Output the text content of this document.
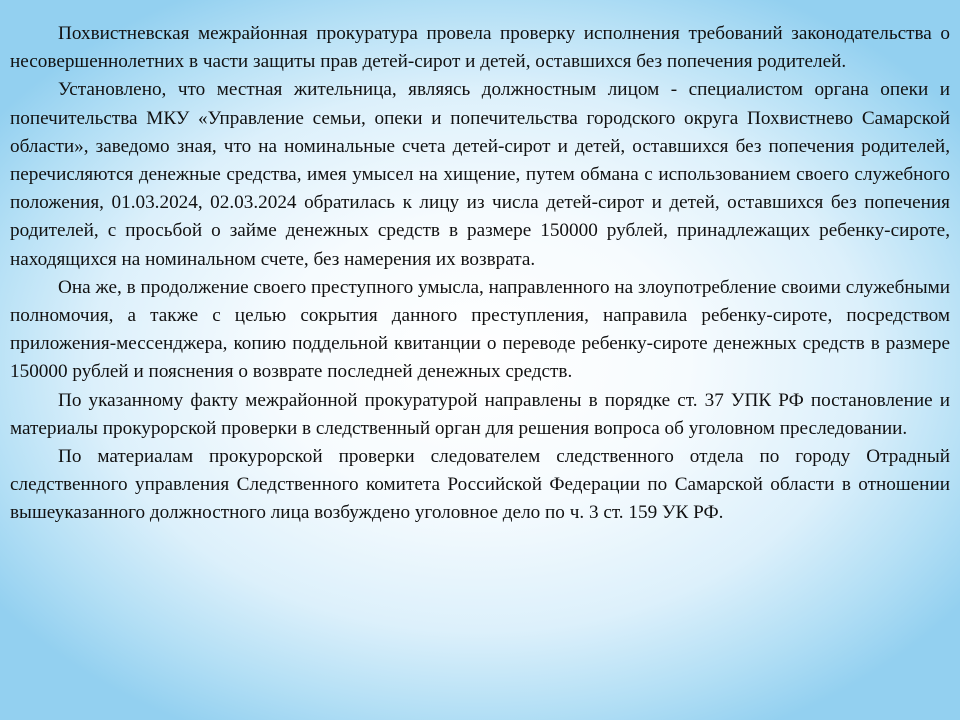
Похвистневская межрайонная прокуратура провела проверку исполнения требований законодательства о несовершеннолетних в части защиты прав детей-сирот и детей, оставшихся без попечения родителей.

Установлено, что местная жительница, являясь должностным лицом - специалистом органа опеки и попечительства МКУ «Управление семьи, опеки и попечительства городского округа Похвистнево Самарской области», заведомо зная, что на номинальные счета детей-сирот и детей, оставшихся без попечения родителей, перечисляются денежные средства, имея умысел на хищение, путем обмана с использованием своего служебного положения, 01.03.2024, 02.03.2024 обратилась к лицу из числа детей-сирот и детей, оставшихся без попечения родителей, с просьбой о займе денежных средств в размере 150000 рублей, принадлежащих ребенку-сироте, находящихся на номинальном счете, без намерения их возврата.

Она же, в продолжение своего преступного умысла, направленного на злоупотребление своими служебными полномочия, а также с целью сокрытия данного преступления, направила ребенку-сироте, посредством приложения-мессенджера, копию поддельной квитанции о переводе ребенку-сироте денежных средств в размере 150000 рублей и пояснения о возврате последней денежных средств.

По указанному факту межрайонной прокуратурой направлены в порядке ст. 37 УПК РФ постановление и материалы прокурорской проверки в следственный орган для решения вопроса об уголовном преследовании.

По материалам прокурорской проверки следователем следственного отдела по городу Отрадный следственного управления Следственного комитета Российской Федерации по Самарской области в отношении вышеуказанного должностного лица возбуждено уголовное дело по ч. 3 ст. 159 УК РФ.
